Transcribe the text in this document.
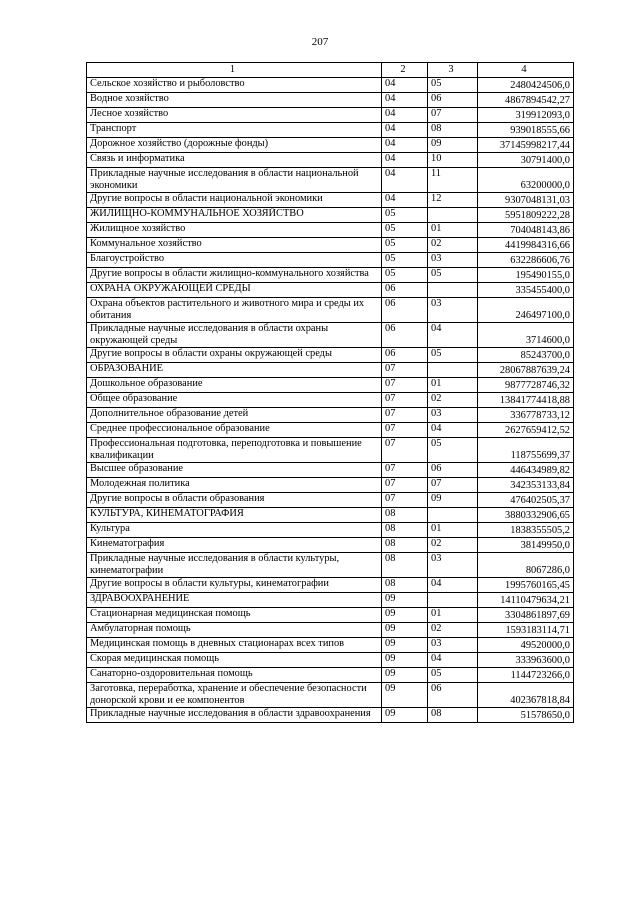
207
1	2	3	4
Сельское хозяйство и рыболовство	04	05	2480424506,0
Водное хозяйство	04	06	4867894542,27
Лесное хозяйство	04	07	319912093,0
Транспорт	04	08	939018555,66
Дорожное хозяйство (дорожные фонды)	04	09	37145998217,44
Связь и информатика	04	10	30791400,0
Прикладные научные исследования в области национальной экономики	04	11	63200000,0
Другие вопросы в области национальной экономики	04	12	9307048131,03
ЖИЛИЩНО-КОММУНАЛЬНОЕ ХОЗЯЙСТВО	05		5951809222,28
Жилищное хозяйство	05	01	704048143,86
Коммунальное хозяйство	05	02	4419984316,66
Благоустройство	05	03	632286606,76
Другие вопросы в области жилищно-коммунального хозяйства	05	05	195490155,0
ОХРАНА ОКРУЖАЮЩЕЙ СРЕДЫ	06		335455400,0
Охрана объектов растительного и животного мира и среды их обитания	06	03	246497100,0
Прикладные научные исследования в области охраны окружающей среды	06	04	3714600,0
Другие вопросы в области охраны окружающей среды	06	05	85243700,0
ОБРАЗОВАНИЕ	07		28067887639,24
Дошкольное образование	07	01	9877728746,32
Общее образование	07	02	13841774418,88
Дополнительное образование детей	07	03	336778733,12
Среднее профессиональное образование	07	04	2627659412,52
Профессиональная подготовка, переподготовка и повышение квалификации	07	05	118755699,37
Высшее образование	07	06	446434989,82
Молодежная политика	07	07	342353133,84
Другие вопросы в области образования	07	09	476402505,37
КУЛЬТУРА, КИНЕМАТОГРАФИЯ	08		3880332906,65
Культура	08	01	1838355505,2
Кинематография	08	02	38149950,0
Прикладные научные исследования в области культуры, кинематографии	08	03	8067286,0
Другие вопросы в области культуры, кинематографии	08	04	1995760165,45
ЗДРАВООХРАНЕНИЕ	09		14110479634,21
Стационарная медицинская помощь	09	01	3304861897,69
Амбулаторная помощь	09	02	1593183114,71
Медицинская помощь в дневных стационарах всех типов	09	03	49520000,0
Скорая медицинская помощь	09	04	333963600,0
Санаторно-оздоровительная помощь	09	05	1144723266,0
Заготовка, переработка, хранение и обеспечение безопасности донорской крови и ее компонентов	09	06	402367818,84
Прикладные научные исследования в области здравоохранения	09	08	51578650,0
